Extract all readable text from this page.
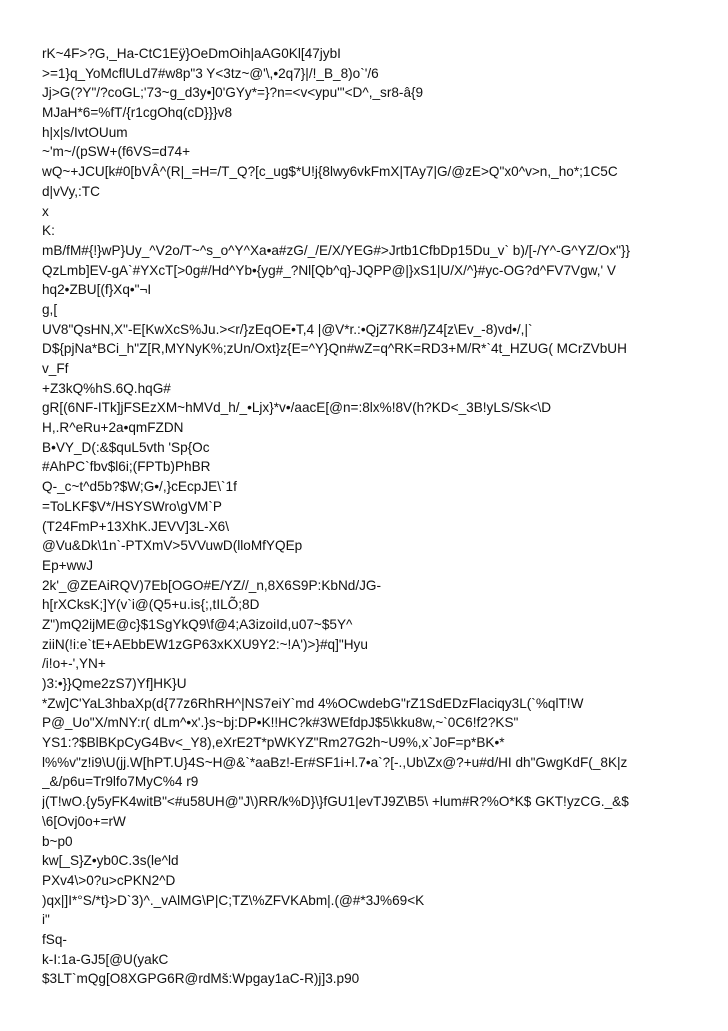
rK~4F>?G,_Ha-CtC1Eÿ}OeDmOih|aAG0Kl[47jybI
>=1}q_YoMcflULd7#w8p"3 Y<3tz~@'\,•2q7}|/!_B_8)o`'/6
Jj>G(?Y"/?coGL;'73~g_d3y•]0'GYy*=}?n=<v<ypu'"<D^,_sr8-â{9
MJaH*6=%fT/{r1cgOhq(cD}}}v8
h|x|s/IvtOUum
~'m~/(pSW+(f6VS=d74+
wQ~+JCU[k#0[bVÂ^(R|_=H=/T_Q?[c_ug$*U!j{8lwy6vkFmX|TAy7|G/@zE>Q"x0^v>n,_ho*;1C5C
d|vVy,:TC
x
K:
mB/fM#{!}wP}Uy_^V2o/T~^s_o^Y^Xa•a#zG/_/E/X/YEG#>Jrtb1CfbDp15Du_v` b)/[-/Y^-G^YZ/Ox"}}
QzLmb]EV-gA`#YXcT[>0g#/Hd^Yb•{yg#_?Nl[Qb^q}-JQPP@|}xS1|U/X/^}#yc-OG?d^FV7Vgw,' V
hq2•ZBU[(f}Xq•"¬I
g,[
UV8"QsHN,X"-E[KwXcS%Ju.><r/}zEqOE•T,4 |@V*r.:•QjZ7K8#/}Z4[z\Ev_-8)vd•/,|`
D${pjNa*BCi_h"Z[R,MYNyK%;zUn/Oxt}z{E=^Y}Qn#wZ=q^RK=RD3+M/R*`4t_HZUG( MCrZVbUH
v_Ff
+Z3kQ%hS.6Q.hqG#
gR[(6NF-ITk]jFSEzXM~hMVd_h/_•Ljx}*v•/aacE[@n=:8lx%!8V(h?KD<_3B!yLS/Sk<\D
H,.R^eRu+2a•qmFZDN
B•VY_D(:&$quL5vth 'Sp{Oc
#AhPC`fbv$l6i;(FPTb)PhBR
Q-_c~t^d5b?$W;G•/,}cEcpJE\`1f
=ToLKF$V*/HSYSWro\gVM`P
(T24FmP+13XhK.JEVV]3L-X6\
@Vu&Dk\1n`-PTXmV>5VVuwD(lloMfYQEp
Ep+wwJ
2k'_@ZEAiRQV)7Eb[OGO#E/YZ//_n,8X6S9P:KbNd/JG-
h[rXCksK;]Y(v`i@(Q5+u.is{;,tILÕ;8D
Z")mQ2ijME@c}$1SgYkQ9\f@4;A3izoiId,u07~$5Y^
ziiN(!i:e`tE+AEbbEW1zGP63xKXU9Y2:~!A')>}#q]"Hyu
/i!o+-',YN+
)3:•}}Qme2zS7)Yf]HK}U
*Zw]C'YaL3hbaXp(d{77z6RhRH^|NS7eiY`md 4%OCwdebG"rZ1SdEDzFlaciqy3L(`%qlT!W
P@_Uo"X/mNY:r( dLm^•x'.}s~bj:DP•K!!HC?k#3WEfdpJ$5\kku8w,~`0C6!f2?KS"
YS1:?$BlBKpCyG4Bv<_Y8),eXrE2T*pWKYZ"Rm27G2h~U9%,x`JoF=p*BK•*
l%%v"z!i9\U(jj.W[hPT.U}4S~H@&`*aaBz!-Er#SF1i+l.7•a`?[-.,Ub\Zx@?+u#d/HI dh"GwgKdF(_8K|z
_&/p6u=Tr9lfo7MyC%4 r9
j(T!wO.{y5yFK4witB"<#u58UH@"J\)RR/k%D}\}fGU1|evTJ9Z\B5\ +lum#R?%O*K$ GKT!yzCG._&$
\6[Ovj0o+=rW
b~p0
kw[_S}Z•yb0C.3s(le^ld
PXv4\>0?u>cPKN2^D
)qx|]I*°S/*t}>D`3)^._vAlMG\P|C;TZ\%ZFVKAbm|.(@#*3J%69<K
i"
fSq-
k-I:1a-GJ5[@U(yakC
$3LT`mQg[O8XGPG6R@rdMš:Wpgay1aC-R)j]3.p90
